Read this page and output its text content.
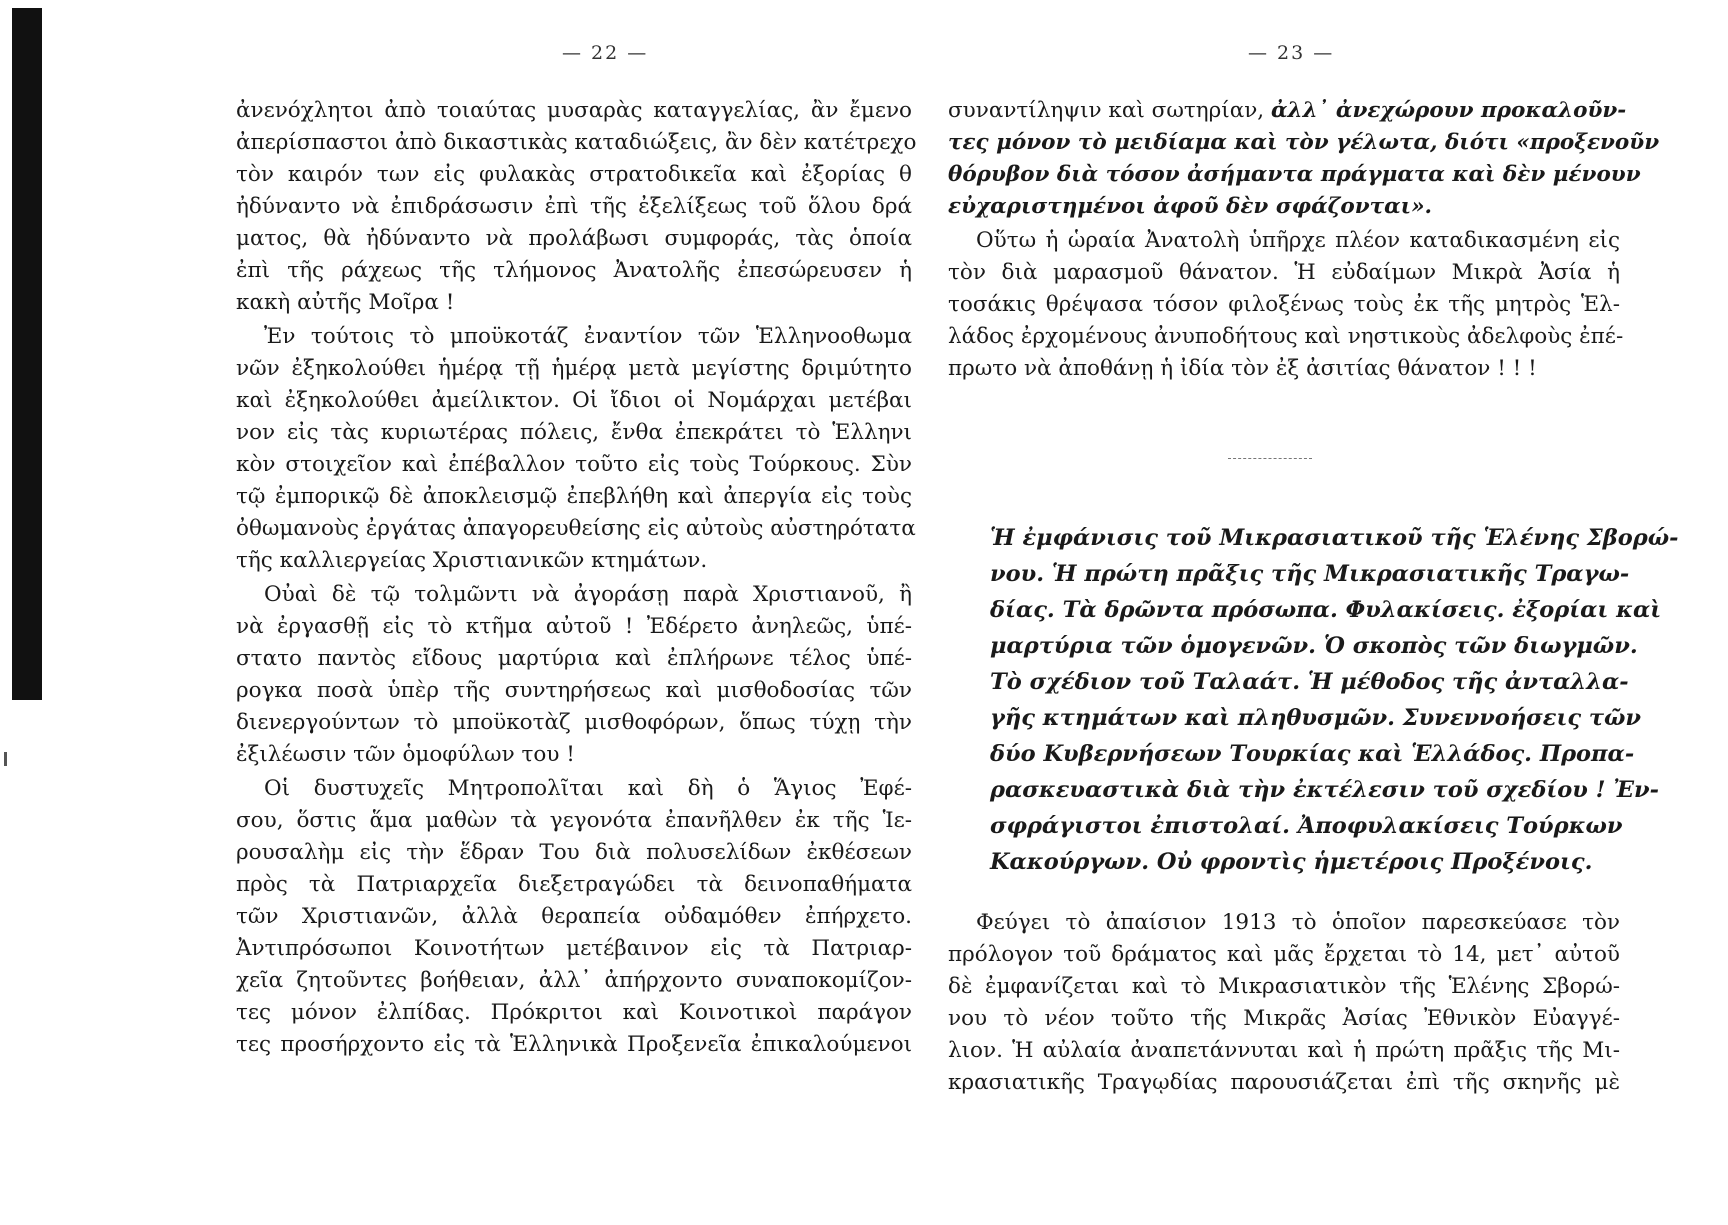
— 22 —
ἀνενόχλητοι ἀπὸ τοιαύτας μυσαρὰς καταγγελίας, ἂν ἔμενο
ἀπερίσπαστοι ἀπὸ δικαστικὰς καταδιώξεις, ἂν δὲν κατέτρεχο
τὸν καιρόν των εἰς φυλακὰς στρατοδικεῖα καὶ ἐξορίας θ
ἠδύναντο νὰ ἐπιδράσωσιν ἐπὶ τῆς ἐξελίξεως τοῦ ὅλου δρά
ματος, θὰ ἠδύναντο νὰ προλάβωσι συμφοράς, τὰς ὁποία
ἐπὶ τῆς ράχεως τῆς τλήμονος Ἀνατολῆς ἐπεσώρευσεν ἡ
κακὴ αὐτῆς Μοῖρα !
Ἐν τούτοις τὸ μποϋκοτάζ ἐναντίον τῶν Ἑλληνοοθωμα
νῶν ἐξηκολούθει ἡμέρᾳ τῇ ἡμέρᾳ μετὰ μεγίστης δριμύτητο
καὶ ἐξηκολούθει ἀμείλικτον. Οἱ ἴδιοι οἱ Νομάρχαι μετέβαι
νον εἰς τὰς κυριωτέρας πόλεις, ἔνθα ἐπεκράτει τὸ Ἑλληνι
κὸν στοιχεῖον καὶ ἐπέβαλλον τοῦτο εἰς τοὺς Τούρκους. Σὺν
τῷ ἐμπορικῷ δὲ ἀποκλεισμῷ ἐπεβλήθη καὶ ἀπεργία εἰς τοὺς
ὀθωμανοὺς ἐργάτας ἀπαγορευθείσης εἰς αὐτοὺς αὐστηρότατα
τῆς καλλιεργείας Χριστιανικῶν κτημάτων.
Οὐαὶ δὲ τῷ τολμῶντι νὰ ἀγοράσῃ παρὰ Χριστιανοῦ, ἢ
νὰ ἐργασθῇ εἰς τὸ κτῆμα αὐτοῦ ! Ἐδέρετο ἀνηλεῶς, ὑπέ-
στατο παντὸς εἴδους μαρτύρια καὶ ἐπλήρωνε τέλος ὑπέ-
ρογκα ποσὰ ὑπὲρ τῆς συντηρήσεως καὶ μισθοδοσίας τῶν
διενεργούντων τὸ μποϋκοτὰζ μισθοφόρων, ὅπως τύχῃ τὴν
ἐξιλέωσιν τῶν ὁμοφύλων του !
Οἱ δυστυχεῖς Μητροπολῖται καὶ δὴ ὁ Ἅγιος Ἐφέ-
σου, ὅστις ἅμα μαθὼν τὰ γεγονότα ἐπανῆλθεν ἐκ τῆς Ἱε-
ρουσαλὴμ εἰς τὴν ἕδραν Του διὰ πολυσελίδων ἐκθέσεων
πρὸς τὰ Πατριαρχεῖα διεξετραγώδει τὰ δεινοπαθήματα
τῶν Χριστιανῶν, ἀλλὰ θεραπεία οὐδαμόθεν ἐπήρχετο.
Ἀντιπρόσωποι Κοινοτήτων μετέβαινον εἰς τὰ Πατριαρ-
χεῖα ζητοῦντες βοήθειαν, ἀλλ᾽ ἀπήρχοντο συναποκομίζον-
τες μόνον ἐλπίδας. Πρόκριτοι καὶ Κοινοτικοὶ παράγον
τες προσήρχοντο εἰς τὰ Ἑλληνικὰ Προξενεῖα ἐπικαλούμενοι
— 23 —
συναντίληψιν καὶ σωτηρίαν, ἀλλ᾽ ἀνεχώρουν προκαλοῦν-
τες μόνον τὸ μειδίαμα καὶ τὸν γέλωτα, διότι «προξενοῦν
θόρυβον διὰ τόσον ἀσήμαντα πράγματα καὶ δὲν μένουν
εὐχαριστημένοι ἀφοῦ δὲν σφάζονται».
Οὕτω ἡ ὡραία Ἀνατολὴ ὑπῆρχε πλέον καταδικασμένη εἰς
τὸν διὰ μαρασμοῦ θάνατον. Ἡ εὐδαίμων Μικρὰ Ἀσία ἡ
τοσάκις θρέψασα τόσον φιλοξένως τοὺς ἐκ τῆς μητρὸς Ἑλ-
λάδος ἐρχομένους ἀνυποδήτους καὶ νηστικοὺς ἀδελφοὺς ἐπέ-
πρωτο νὰ ἀποθάνῃ ἡ ἰδία τὸν ἐξ ἀσιτίας θάνατον ! ! !
Ἡ ἐμφάνισις τοῦ Μικρασιατικοῦ τῆς Ἑλένης Σβορώ-
νου. Ἡ πρώτη πρᾶξις τῆς Μικρασιατικῆς Τραγω-
δίας. Τὰ δρῶντα πρόσωπα. Φυλακίσεις. ἐξορίαι καὶ
μαρτύρια τῶν ὁμογενῶν. Ὁ σκοπὸς τῶν διωγμῶν.
Τὸ σχέδιον τοῦ Ταλαάτ. Ἡ μέθοδος τῆς ἀνταλλα-
γῆς κτημάτων καὶ πληθυσμῶν. Συνεννοήσεις τῶν
δύο Κυβερνήσεων Τουρκίας καὶ Ἑλλάδος. Προπα-
ρασκευαστικὰ διὰ τὴν ἐκτέλεσιν τοῦ σχεδίου ! Ἐν-
σφράγιστοι ἐπιστολαί. Ἀποφυλακίσεις Τούρκων
Κακούργων. Οὐ φροντὶς ἡμετέροις Προξένοις.
Φεύγει τὸ ἀπαίσιον 1913 τὸ ὁποῖον παρεσκεύασε τὸν
πρόλογον τοῦ δράματος καὶ μᾶς ἔρχεται τὸ 14, μετ᾽ αὐτοῦ
δὲ ἐμφανίζεται καὶ τὸ Μικρασιατικὸν τῆς Ἑλένης Σβορώ-
νου τὸ νέον τοῦτο τῆς Μικρᾶς Ἀσίας Ἐθνικὸν Εὐαγγέ-
λιον. Ἡ αὐλαία ἀναπετάννυται καὶ ἡ πρώτη πρᾶξις τῆς Μι-
κρασιατικῆς Τραγῳδίας παρουσιάζεται ἐπὶ τῆς σκηνῆς μὲ
